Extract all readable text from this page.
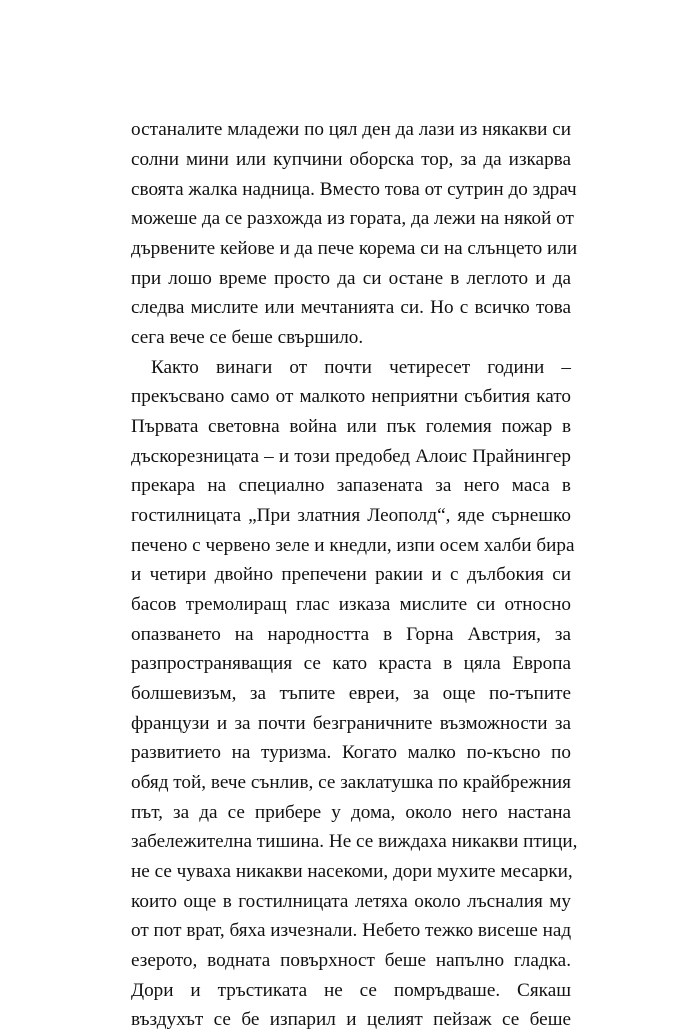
останалите младежи по цял ден да лази из някакви си
солни мини или купчини оборска тор, за да изкарва
своята жалка надница. Вместо това от сутрин до здрач
можеше да се разхожда из гората, да лежи на някой от
дървените кейове и да пече корема си на слънцето или
при лошо време просто да си остане в леглото и да
следва мислите или мечтанията си. Но с всичко това
сега вече се беше свършило.
Както винаги от почти четиресет години –
прекъсвано само от малкото неприятни събития като
Първата световна война или пък големия пожар в
дъскорезницата – и този предобед Алоис Прайнингер
прекара на специално запазената за него маса в
гостилницата „При златния Леополд“, яде сърнешко
печено с червено зеле и кнедли, изпи осем халби бира
и четири двойно препечени ракии и с дълбокия си
басов тремолиращ глас изказа мислите си относно
опазването на народността в Горна Австрия, за
разпространяващия се като краста в цяла Европа
болшевизъм, за тъпите евреи, за още по-тъпите
французи и за почти безграничните възможности за
развитието на туризма. Когато малко по-късно по
обяд той, вече сънлив, се заклатушка по крайбрежния
път, за да се прибере у дома, около него настана
забележителна тишина. Не се виждаха никакви птици,
не се чуваха никакви насекоми, дори мухите месарки,
които още в гостилницата летяха около лъсналия му
от пот врат, бяха изчезнали. Небето тежко висеше над
езерото, водната повърхност беше напълно гладка.
Дори и тръстиката не се помръдваше. Сякаш
въздухът се бе изпарил и целият пейзаж се беше
